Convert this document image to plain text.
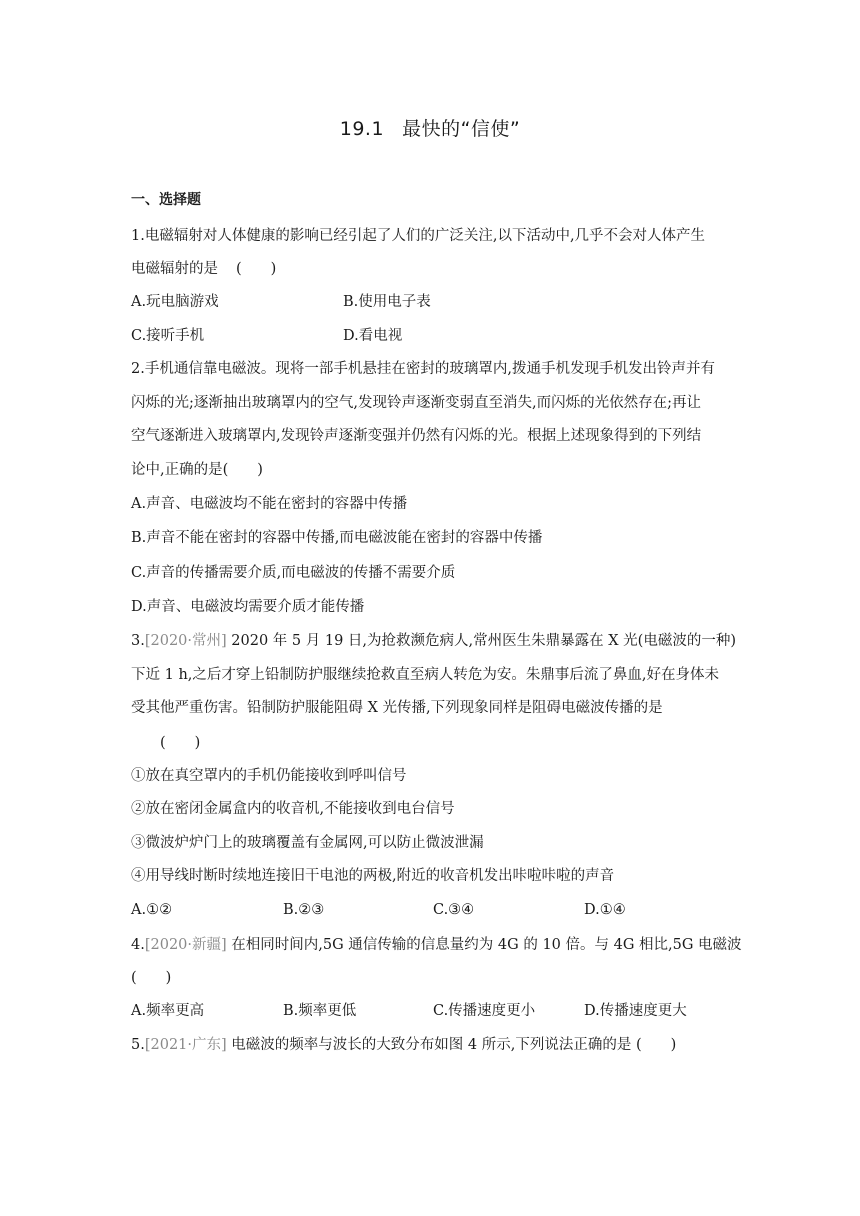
19.1 最快的“信使”
一、选择题
1.电磁辐射对人体健康的影响已经引起了人们的广泛关注,以下活动中,几乎不会对人体产生
电磁辐射的是 (　　)
A.玩电脑游戏	B.使用电子表
C.接听手机	D.看电视
2.手机通信靠电磁波。现将一部手机悬挂在密封的玻璃罩内,拨通手机发现手机发出铃声并有
闪烁的光;逐渐抽出玻璃罩内的空气,发现铃声逐渐变弱直至消失,而闪烁的光依然存在;再让
空气逐渐进入玻璃罩内,发现铃声逐渐变强并仍然有闪烁的光。根据上述现象得到的下列结
论中,正确的是(　　)
A.声音、电磁波均不能在密封的容器中传播
B.声音不能在密封的容器中传播,而电磁波能在密封的容器中传播
C.声音的传播需要介质,而电磁波的传播不需要介质
D.声音、电磁波均需要介质才能传播
3.[2020·常州] 2020 年 5 月 19 日,为抢救濒危病人,常州医生朱鼎暴露在 X 光(电磁波的一种)
下近 1 h,之后才穿上铅制防护服继续抢救直至病人转危为安。朱鼎事后流了鼻血,好在身体未
受其他严重伤害。铅制防护服能阻碍 X 光传播,下列现象同样是阻碍电磁波传播的是
(　　)
①放在真空罩内的手机仍能接收到呼叫信号
②放在密闭金属盒内的收音机,不能接收到电台信号
③微波炉炉门上的玻璃覆盖有金属网,可以防止微波泄漏
④用导线时断时续地连接旧干电池的两极,附近的收音机发出咔啦咔啦的声音
A.①②	B.②③	C.③④	D.①④
4.[2020·新疆] 在相同时间内,5G 通信传输的信息量约为 4G 的 10 倍。与 4G 相比,5G 电磁波
(　　)
A.频率更高	B.频率更低	C.传播速度更小	D.传播速度更大
5.[2021·广东] 电磁波的频率与波长的大致分布如图 4 所示,下列说法正确的是 (　　)
